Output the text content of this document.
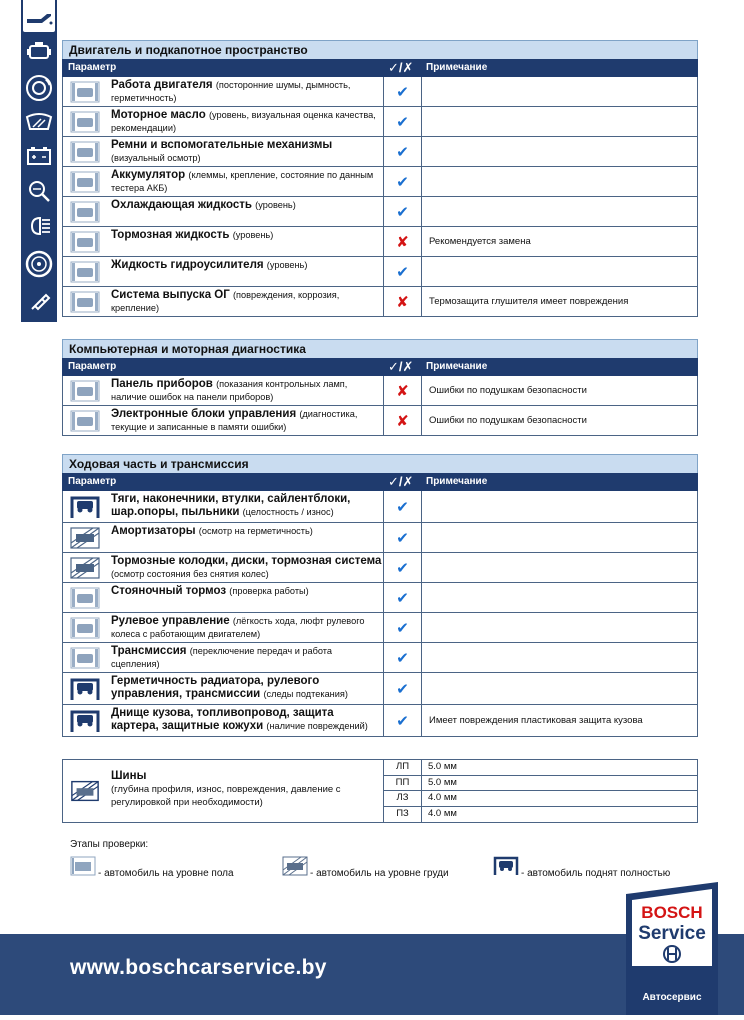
Двигатель и подкапотное пространство
Параметр	✓/✗ Примечание
Работа двигателя (посторонние шумы, дымность, герметичность)	✔
Моторное масло (уровень, визуальная оценка качества, рекомендации)	✔
Ремни и вспомогательные механизмы (визуальный осмотр)	✔
Аккумулятор (клеммы, крепление, состояние по данным тестера АКБ)	✔
Охлаждающая жидкость (уровень)	✔
Тормозная жидкость (уровень)	✘	Рекомендуется замена
Жидкость гидроусилителя (уровень)	✔
Система выпуска ОГ (повреждения, коррозия, крепление)	✘	Термозащита глушителя имеет повреждения
Компьютерная и моторная диагностика
Параметр	✓/✗ Примечание
Панель приборов (показания контрольных ламп, наличие ошибок на панели приборов)	✘	Ошибки по подушкам безопасности
Электронные блоки управления (диагностика, текущие и записанные в памяти ошибки)	✘	Ошибки по подушкам безопасности
Ходовая часть и трансмиссия
Параметр	✓/✗ Примечание
Тяги, наконечники, втулки, сайлентблоки, шар.опоры, пыльники (целостность / износ)	✔
Амортизаторы (осмотр на герметичность)	✔
Тормозные колодки, диски, тормозная система (осмотр состояния без снятия колес)	✔
Стояночный тормоз (проверка работы)	✔
Рулевое управление (лёгкость хода, люфт рулевого колеса с работающим двигателем)	✔
Трансмиссия (переключение передач и работа сцепления)	✔
Герметичность радиатора, рулевого управления, трансмиссии (следы подтекания)	✔
Днище кузова, топливопровод, защита картера, защитные кожухи (наличие повреждений)	✔	Имеет повреждения пластиковая защита кузова
Шины
(глубина профиля, износ, повреждения, давление с регулировкой при необходимости)
ЛП	5.0 мм
ПП	5.0 мм
ЛЗ	4.0 мм
ПЗ	4.0 мм
Этапы проверки:
- автомобиль на уровне пола	- автомобиль на уровне груди	- автомобиль поднят полностью
www.boschcarservice.by
BOSCH
Service
Автосервис
